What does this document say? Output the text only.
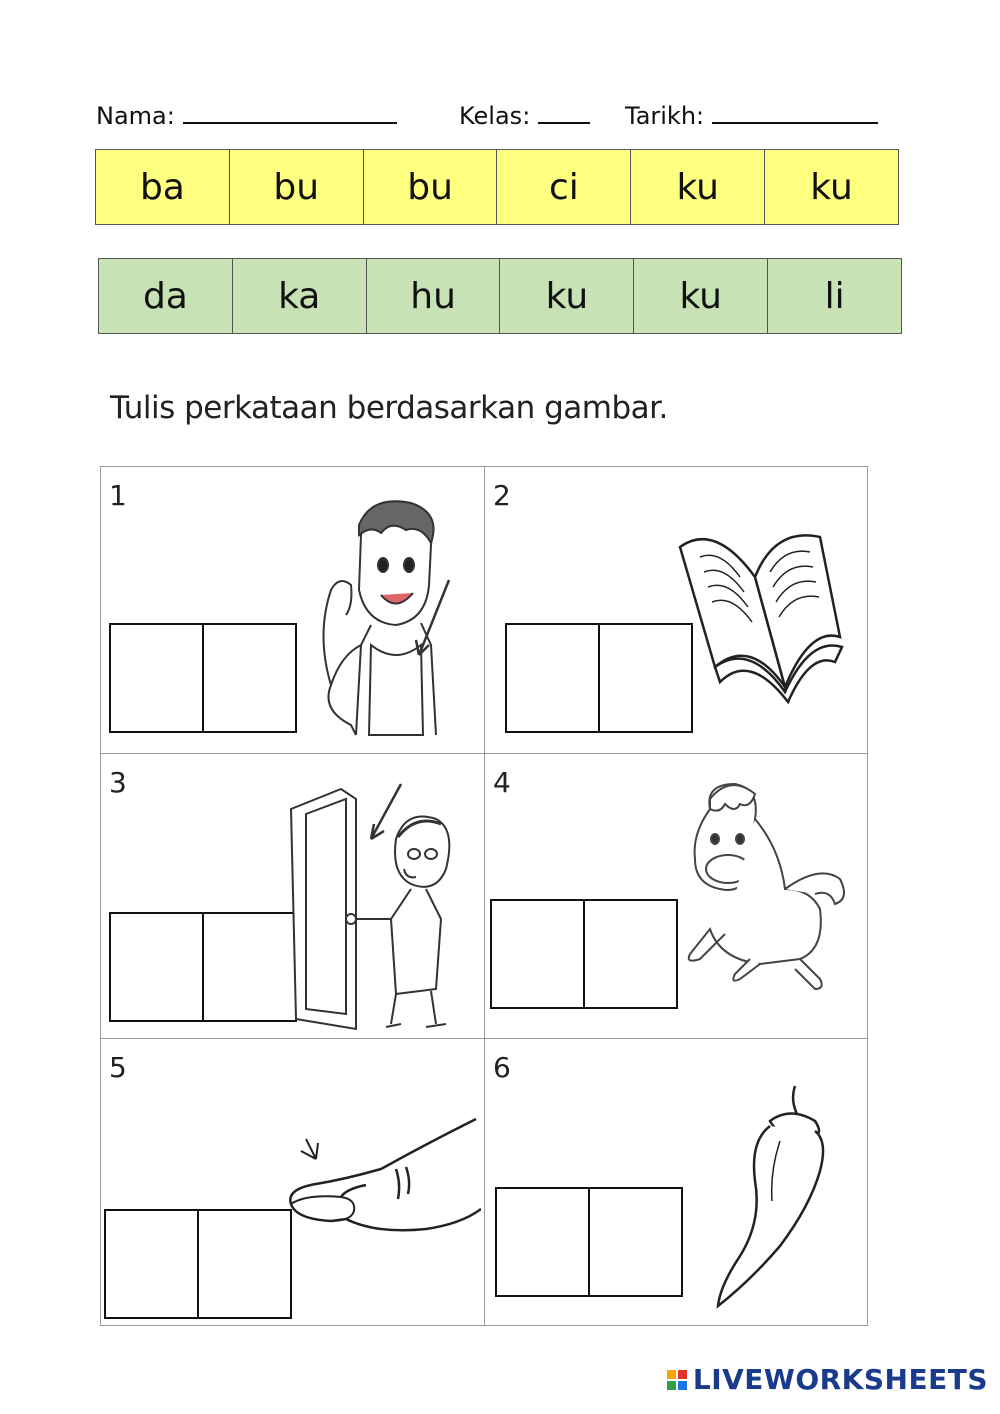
Nama:	Kelas:	Tarikh:
ba	bu	bu	ci	ku	ku
da	ka	hu	ku	ku	li
Tulis perkataan berdasarkan gambar.
1	2
3	4
5	6
LIVEWORKSHEETS
